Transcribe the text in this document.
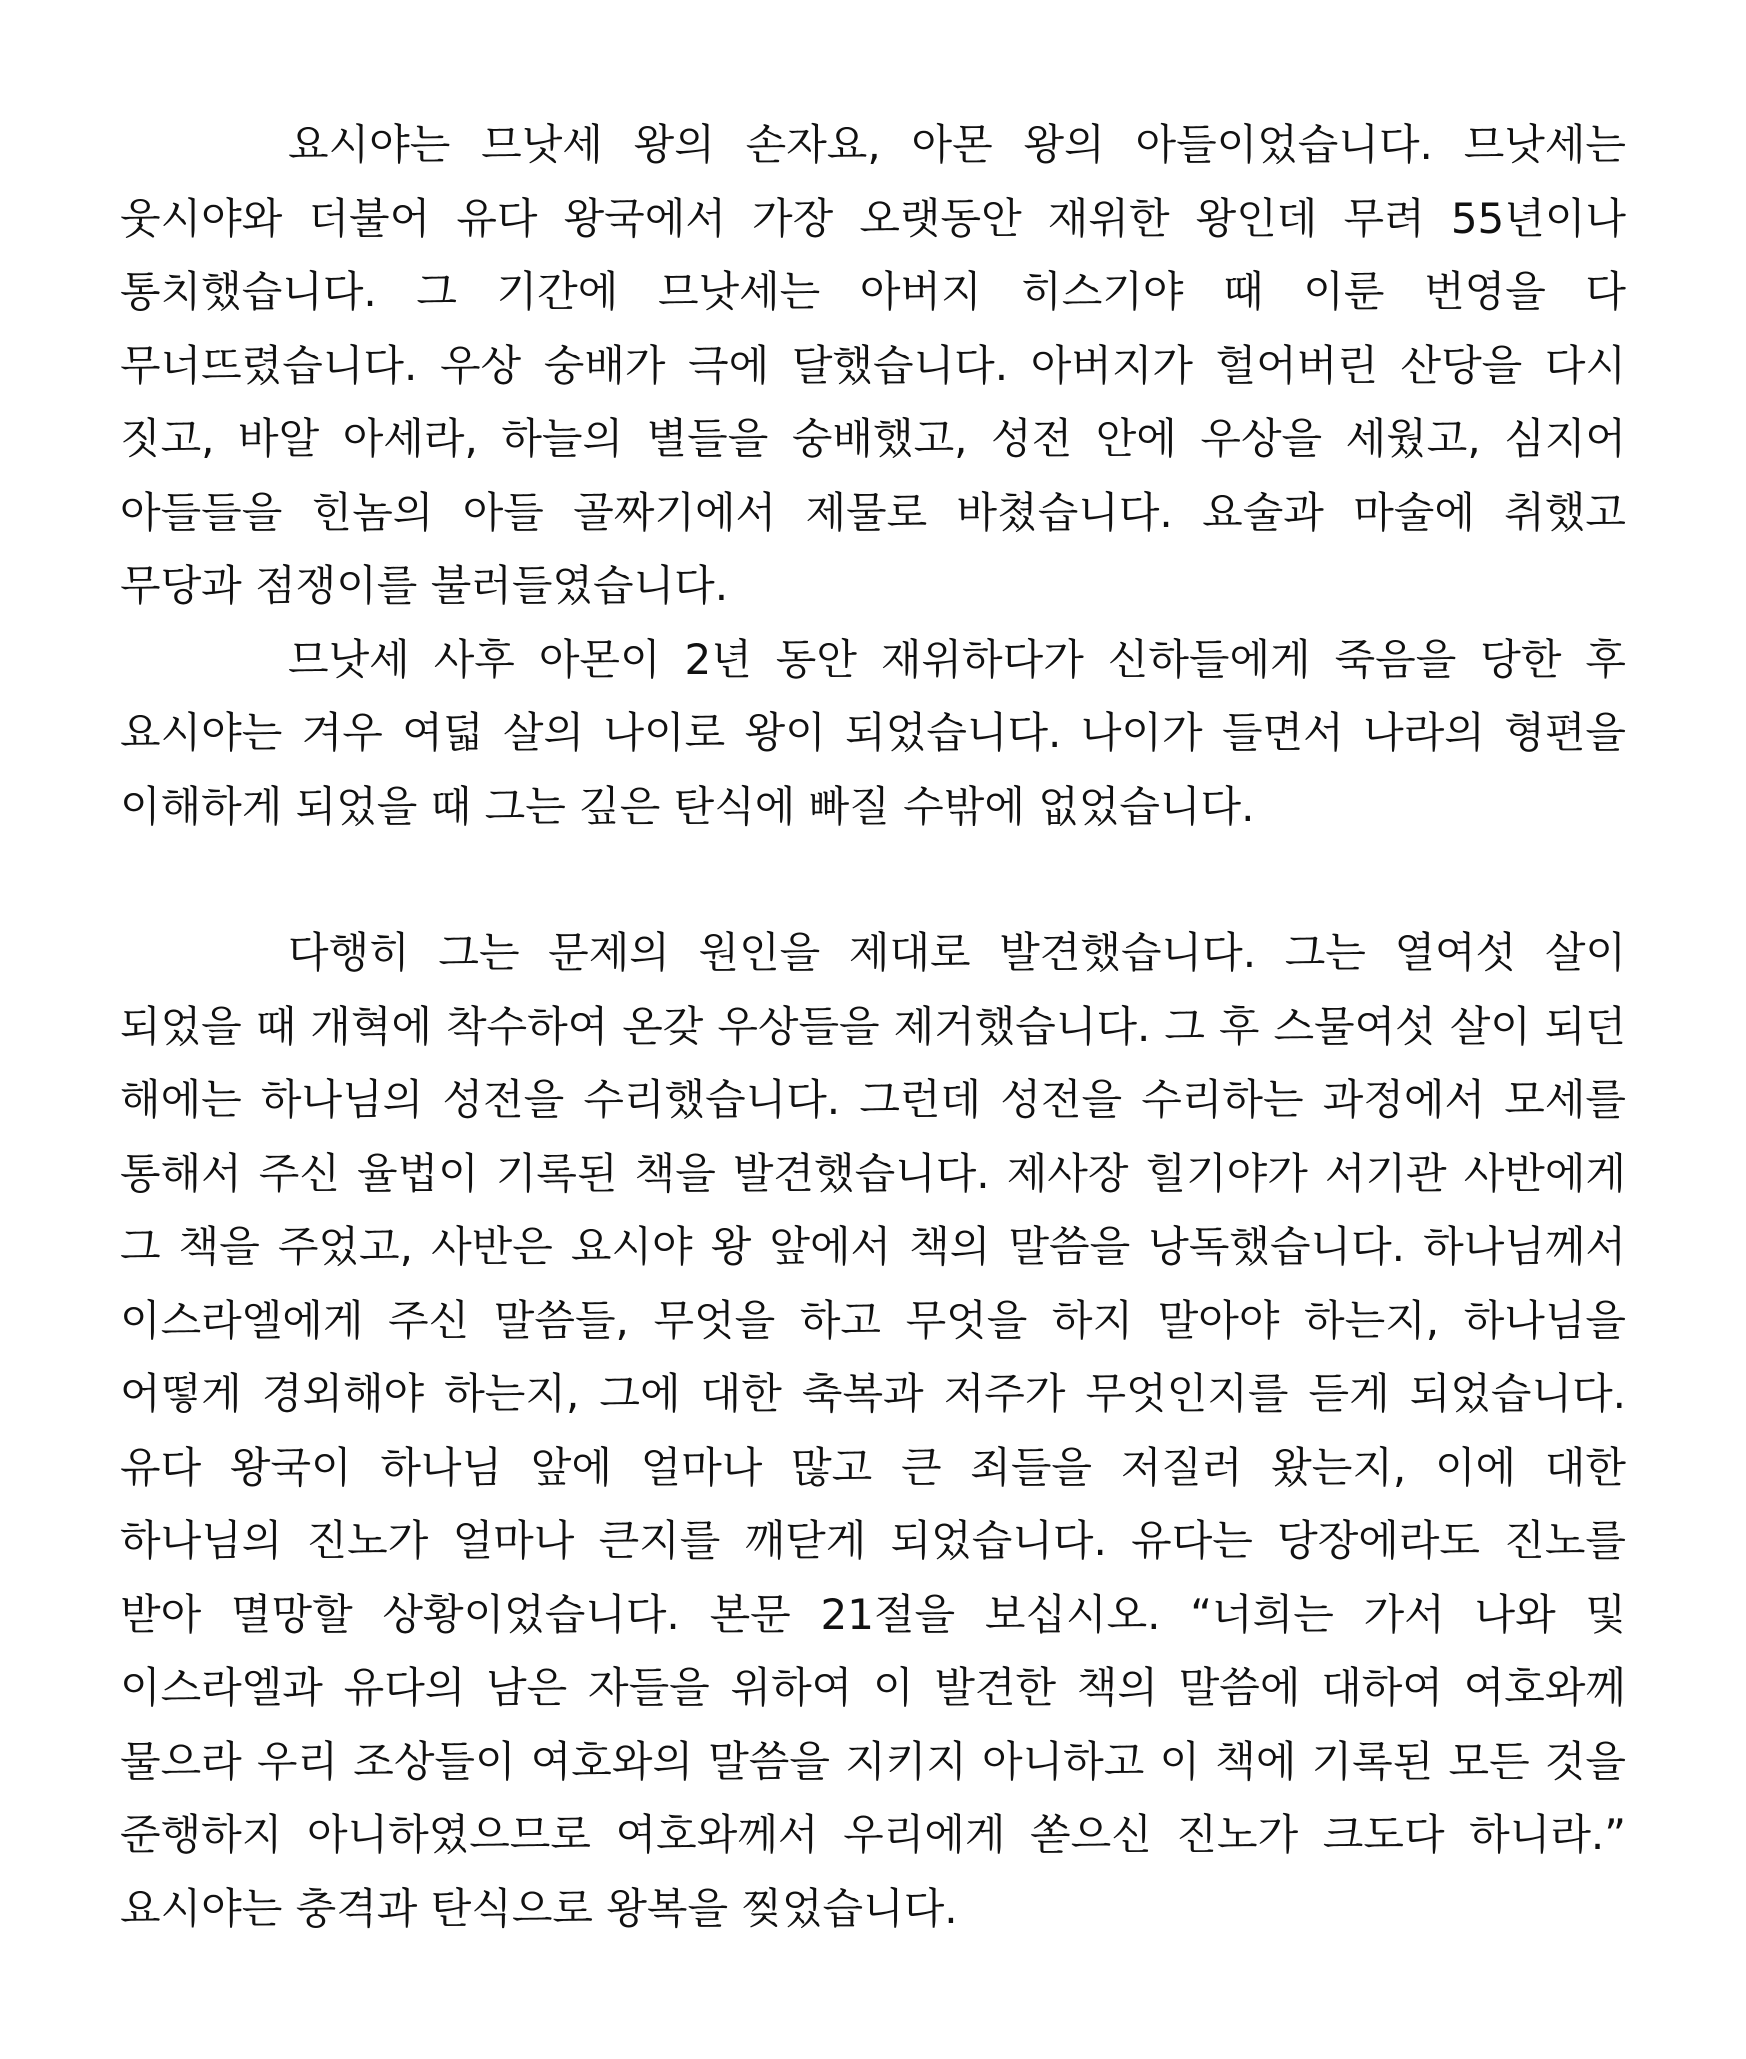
요시야는 므낫세 왕의 손자요, 아몬 왕의 아들이었습니다. 므낫세는 웃시야와 더불어 유다 왕국에서 가장 오랫동안 재위한 왕인데 무려 55년이나 통치했습니다. 그 기간에 므낫세는 아버지 히스기야 때 이룬 번영을 다 무너뜨렸습니다. 우상 숭배가 극에 달했습니다. 아버지가 헐어버린 산당을 다시 짓고, 바알 아세라, 하늘의 별들을 숭배했고, 성전 안에 우상을 세웠고, 심지어 아들들을 힌놈의 아들 골짜기에서 제물로 바쳤습니다. 요술과 마술에 취했고 무당과 점쟁이를 불러들였습니다.

므낫세 사후 아몬이 2년 동안 재위하다가 신하들에게 죽음을 당한 후 요시야는 겨우 여덟 살의 나이로 왕이 되었습니다. 나이가 들면서 나라의 형편을 이해하게 되었을 때 그는 깊은 탄식에 빠질 수밖에 없었습니다.

다행히 그는 문제의 원인을 제대로 발견했습니다. 그는 열여섯 살이 되었을 때 개혁에 착수하여 온갖 우상들을 제거했습니다. 그 후 스물여섯 살이 되던 해에는 하나님의 성전을 수리했습니다. 그런데 성전을 수리하는 과정에서 모세를 통해서 주신 율법이 기록된 책을 발견했습니다. 제사장 힐기야가 서기관 사반에게 그 책을 주었고, 사반은 요시야 왕 앞에서 책의 말씀을 낭독했습니다. 하나님께서 이스라엘에게 주신 말씀들, 무엇을 하고 무엇을 하지 말아야 하는지, 하나님을 어떻게 경외해야 하는지, 그에 대한 축복과 저주가 무엇인지를 듣게 되었습니다. 유다 왕국이 하나님 앞에 얼마나 많고 큰 죄들을 저질러 왔는지, 이에 대한 하나님의 진노가 얼마나 큰지를 깨닫게 되었습니다. 유다는 당장에라도 진노를 받아 멸망할 상황이었습니다. 본문 21절을 보십시오. “너희는 가서 나와 및 이스라엘과 유다의 남은 자들을 위하여 이 발견한 책의 말씀에 대하여 여호와께 물으라 우리 조상들이 여호와의 말씀을 지키지 아니하고 이 책에 기록된 모든 것을 준행하지 아니하였으므로 여호와께서 우리에게 쏟으신 진노가 크도다 하니라.” 요시야는 충격과 탄식으로 왕복을 찢었습니다.
